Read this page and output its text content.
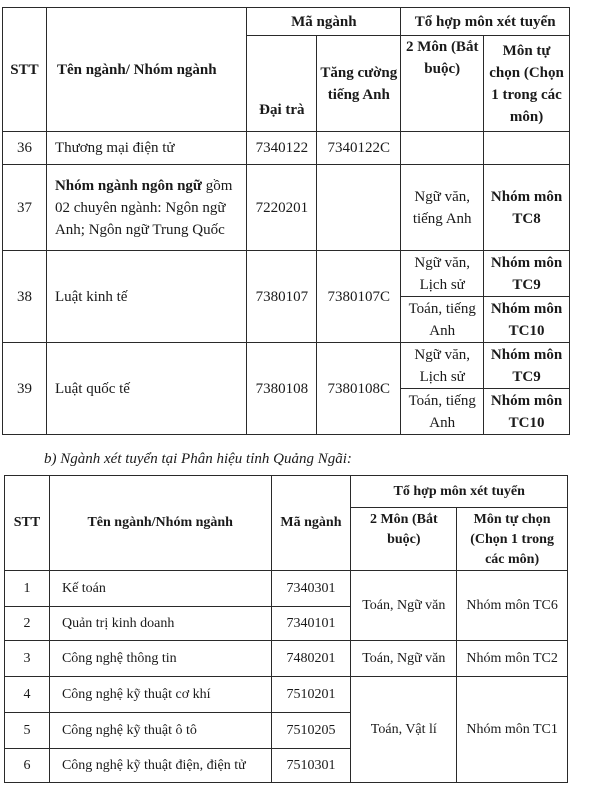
STT	Tên ngành/ Nhóm ngành	Mã ngành		Tổ hợp môn xét tuyển	
		Đại trà	Tăng cường tiếng Anh	2 Môn (Bắt buộc)	Môn tự chọn (Chọn 1 trong các môn)
36	Thương mại điện tử	7340122	7340122C		
37	Nhóm ngành ngôn ngữ gồm 02 chuyên ngành: Ngôn ngữ Anh; Ngôn ngữ Trung Quốc	7220201		Ngữ văn, tiếng Anh	Nhóm môn TC8
38	Luật kinh tế	7380107	7380107C	Ngữ văn, Lịch sử	Nhóm môn TC9
				Toán, tiếng Anh	Nhóm môn TC10
39	Luật quốc tế	7380108	7380108C	Ngữ văn, Lịch sử	Nhóm môn TC9
				Toán, tiếng Anh	Nhóm môn TC10
b) Ngành xét tuyển tại Phân hiệu tỉnh Quảng Ngãi:
STT	Tên ngành/Nhóm ngành	Mã ngành	Tổ hợp môn xét tuyển	
			2 Môn (Bắt buộc)	Môn tự chọn (Chọn 1 trong các môn)
1	Kế toán	7340301	Toán, Ngữ văn	Nhóm môn TC6
2	Quản trị kinh doanh	7340101		
3	Công nghệ thông tin	7480201	Toán, Ngữ văn	Nhóm môn TC2
4	Công nghệ kỹ thuật cơ khí	7510201	Toán, Vật lí	Nhóm môn TC1
5	Công nghệ kỹ thuật ô tô	7510205		
6	Công nghệ kỹ thuật điện, điện tử	7510301		
